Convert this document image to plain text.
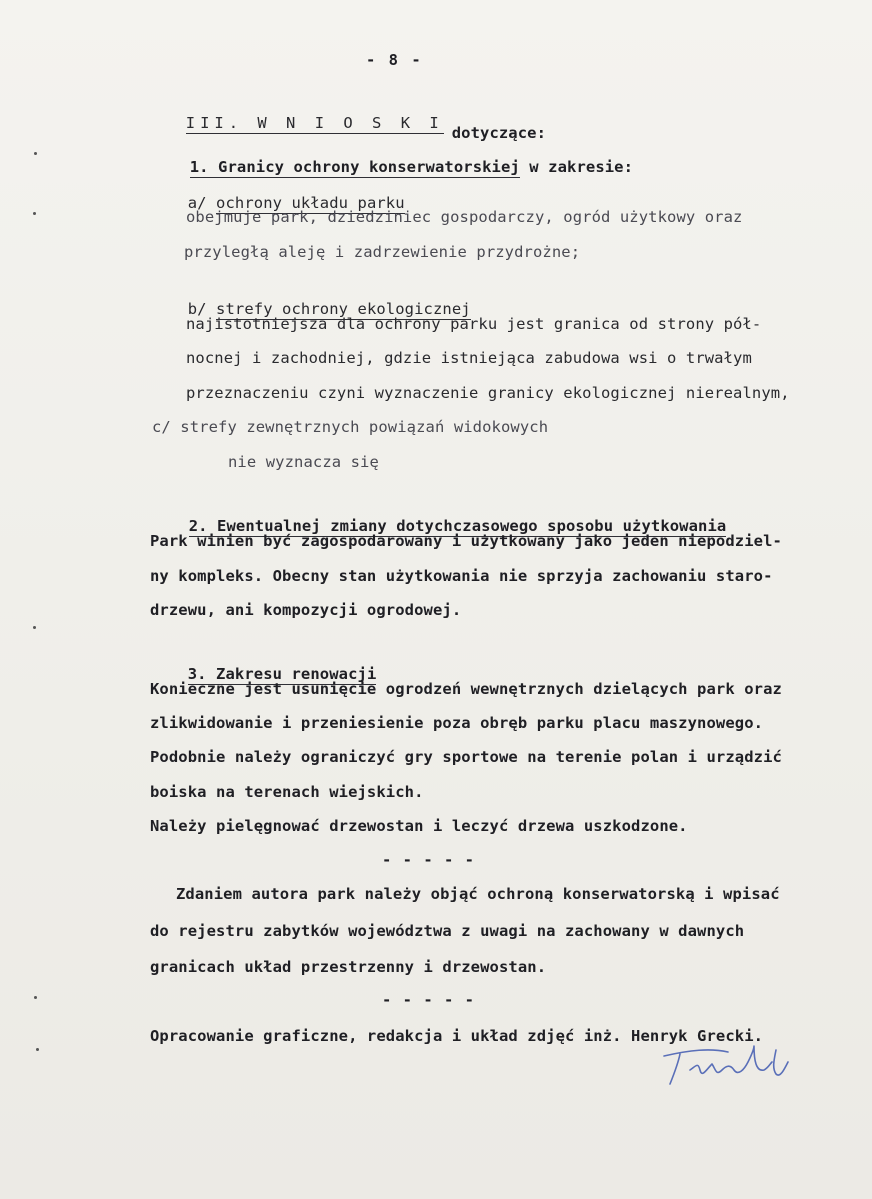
- 8 -

III. W N I O S K Idotyczące:

1. Granicy ochrony konserwatorskiej w zakresie:

a/ ochrony układu parku

obejmuje park, dziedziniec gospodarczy, ogród użytkowy oraz
przyległą aleję i zadrzewienie przydrożne;

b/ strefy ochrony ekologicznej

najistotniejsza dla ochrony parku jest granica od strony pół-
nocnej i zachodniej, gdzie istniejąca zabudowa wsi o trwałym
przeznaczeniu czyni wyznaczenie granicy ekologicznej nierealnym,
c/ strefy zewnętrznych powiązań widokowych
nie wyznacza się

2. Ewentualnej zmiany dotychczasowego sposobu użytkowania

Park winien być zagospodarowany i użytkowany jako jeden niepodziel-
ny kompleks. Obecny stan użytkowania nie sprzyja zachowaniu staro-
drzewu, ani kompozycji ogrodowej.

3. Zakresu renowacji

Konieczne jest usunięcie ogrodzeń wewnętrznych dzielących park oraz
zlikwidowanie i przeniesienie poza obręb parku placu maszynowego.
Podobnie należy ograniczyć gry sportowe na terenie polan i urządzić
boiska na terenach wiejskich.
Należy pielęgnować drzewostan i leczyć drzewa uszkodzone.
- - - - -
Zdaniem autora park należy objąć ochroną konserwatorską i wpisać
do rejestru zabytków województwa z uwagi na zachowany w dawnych
granicach układ przestrzenny i drzewostan.
- - - - -
Opracowanie graficzne, redakcja i układ zdjęć inż. Henryk Grecki.
